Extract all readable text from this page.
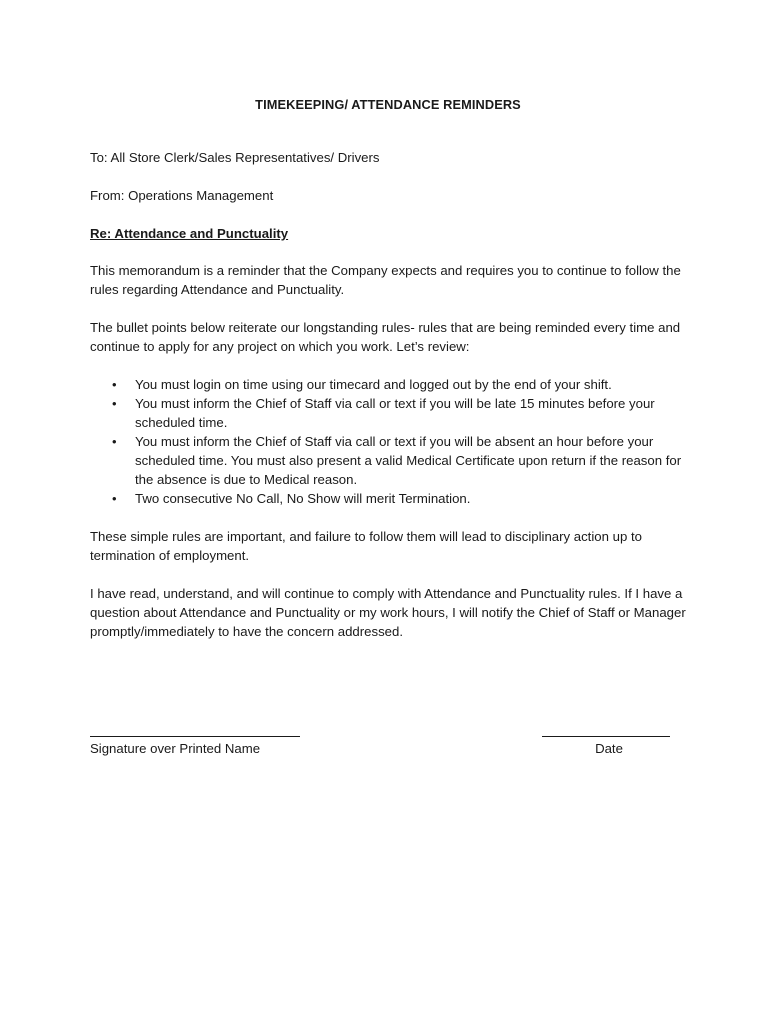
TIMEKEEPING/ ATTENDANCE REMINDERS
To: All Store Clerk/Sales Representatives/ Drivers
From: Operations Management
Re: Attendance and Punctuality

This memorandum is a reminder that the Company expects and requires you to continue to follow the rules regarding Attendance and Punctuality.

The bullet points below reiterate our longstanding rules- rules that are being reminded every time and continue to apply for any project on which you work. Let’s review:

• You must login on time using our timecard and logged out by the end of your shift.
• You must inform the Chief of Staff via call or text if you will be late 15 minutes before your scheduled time.
• You must inform the Chief of Staff via call or text if you will be absent an hour before your scheduled time. You must also present a valid Medical Certificate upon return if the reason for the absence is due to Medical reason.
• Two consecutive No Call, No Show will merit Termination.

These simple rules are important, and failure to follow them will lead to disciplinary action up to termination of employment.

I have read, understand, and will continue to comply with Attendance and Punctuality rules. If I have a question about Attendance and Punctuality or my work hours, I will notify the Chief of Staff or Manager promptly/immediately to have the concern addressed.

Signature over Printed Name	Date
